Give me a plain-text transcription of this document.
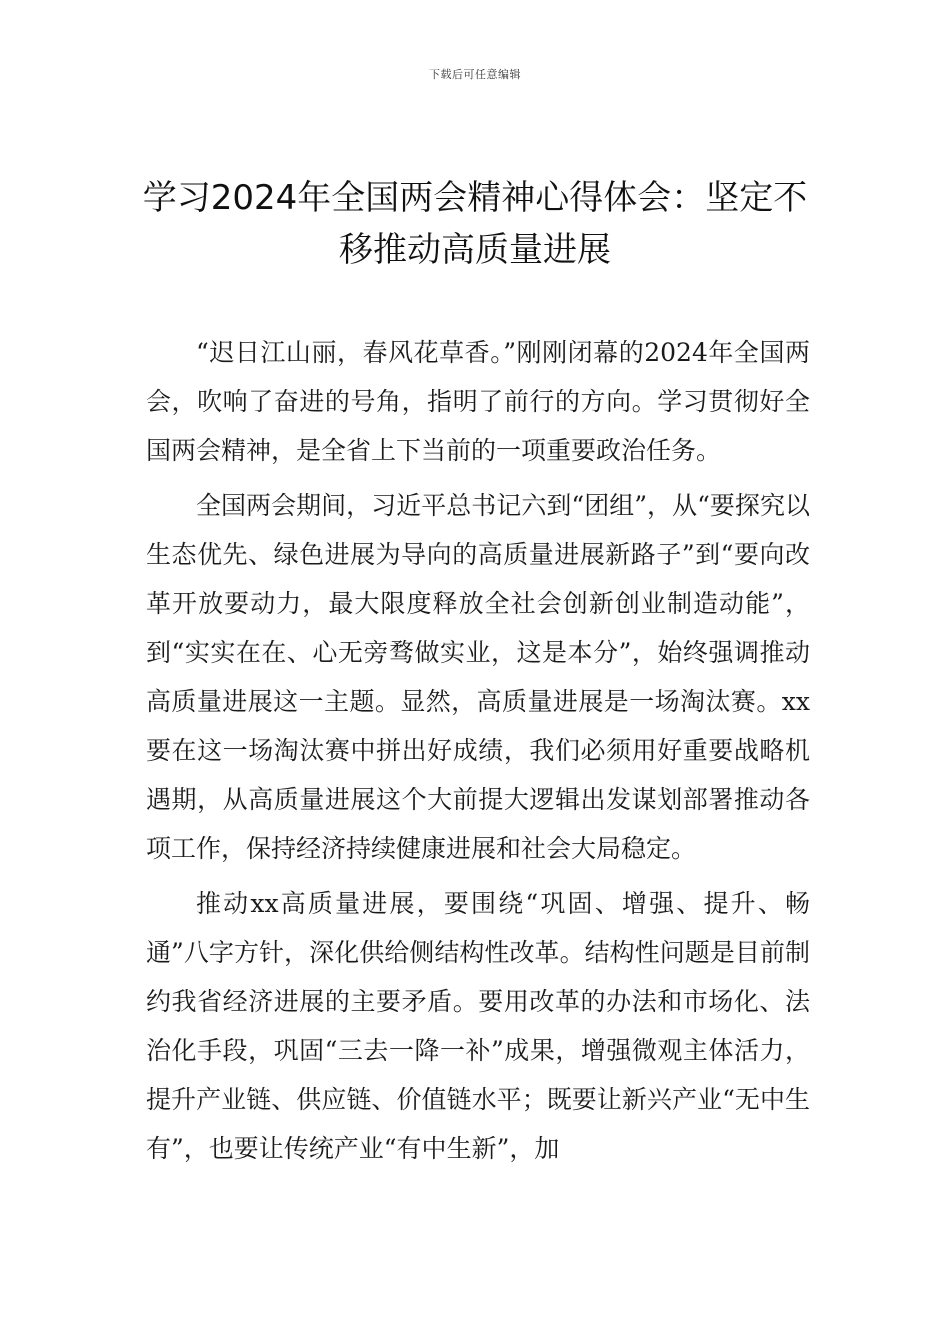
下载后可任意编辑
学习2024年全国两会精神心得体会：坚定不移推动高质量进展

“迟日江山丽，春风花草香。”刚刚闭幕的2024年全国两会，吹响了奋进的号角，指明了前行的方向。学习贯彻好全国两会精神，是全省上下当前的一项重要政治任务。

全国两会期间，习近平总书记六到“团组”，从“要探究以生态优先、绿色进展为导向的高质量进展新路子”到“要向改革开放要动力，最大限度释放全社会创新创业制造动能”，到“实实在在、心无旁骛做实业，这是本分”，始终强调推动高质量进展这一主题。显然，高质量进展是一场淘汰赛。xx要在这一场淘汰赛中拼出好成绩，我们必须用好重要战略机遇期，从高质量进展这个大前提大逻辑出发谋划部署推动各项工作，保持经济持续健康进展和社会大局稳定。

推动xx高质量进展，要围绕“巩固、增强、提升、畅通”八字方针，深化供给侧结构性改革。结构性问题是目前制约我省经济进展的主要矛盾。要用改革的办法和市场化、法治化手段，巩固“三去一降一补”成果，增强微观主体活力，提升产业链、供应链、价值链水平；既要让新兴产业“无中生有”，也要让传统产业“有中生新”，加
